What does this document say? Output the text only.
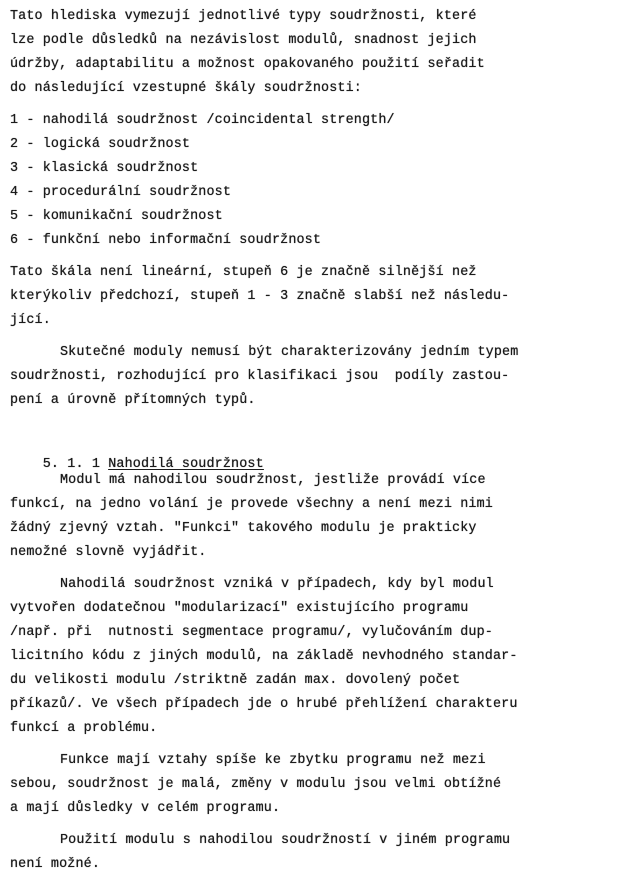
Tato hlediska vymezují jednotlivé typy soudržnosti, které
lze podle důsledků na nezávislost modulů, snadnost jejich
údržby, adaptabilitu a možnost opakovaného použití seřadit
do následující vzestupné škály soudržnosti:
1 - nahodilá soudržnost /coincidental strength/
2 - logická soudržnost
3 - klasická soudržnost
4 - procedurální soudržnost
5 - komunikační soudržnost
6 - funkční nebo informační soudržnost
Tato škála není lineární, stupeň 6 je značně silnější než
kterýkoliv předchozí, stupeň 1 - 3 značně slabší než následu-
jící.
Skutečné moduly nemusí být charakterizovány jedním typem
soudržnosti, rozhodující pro klasifikaci jsou  podíly zastou-
pení a úrovně přítomných typů.

5. 1. 1 Nahodilá soudržnost

Modul má nahodilou soudržnost, jestliže provádí více
funkcí, na jedno volání je provede všechny a není mezi nimi
žádný zjevný vztah. "Funkci" takového modulu je prakticky
nemožné slovně vyjádřit.
Nahodilá soudržnost vzniká v případech, kdy byl modul
vytvořen dodatečnou "modularizací" existujícího programu
/např. při  nutnosti segmentace programu/, vylučováním dup-
licitního kódu z jiných modulů, na základě nevhodného standar-
du velikosti modulu /striktně zadán max. dovolený počet
příkazů/. Ve všech případech jde o hrubé přehlížení charakteru
funkcí a problému.
Funkce mají vztahy spíše ke zbytku programu než mezi
sebou, soudržnost je malá, změny v modulu jsou velmi obtížné
a mají důsledky v celém programu.
Použití modulu s nahodilou soudržností v jiném programu
není možné.
